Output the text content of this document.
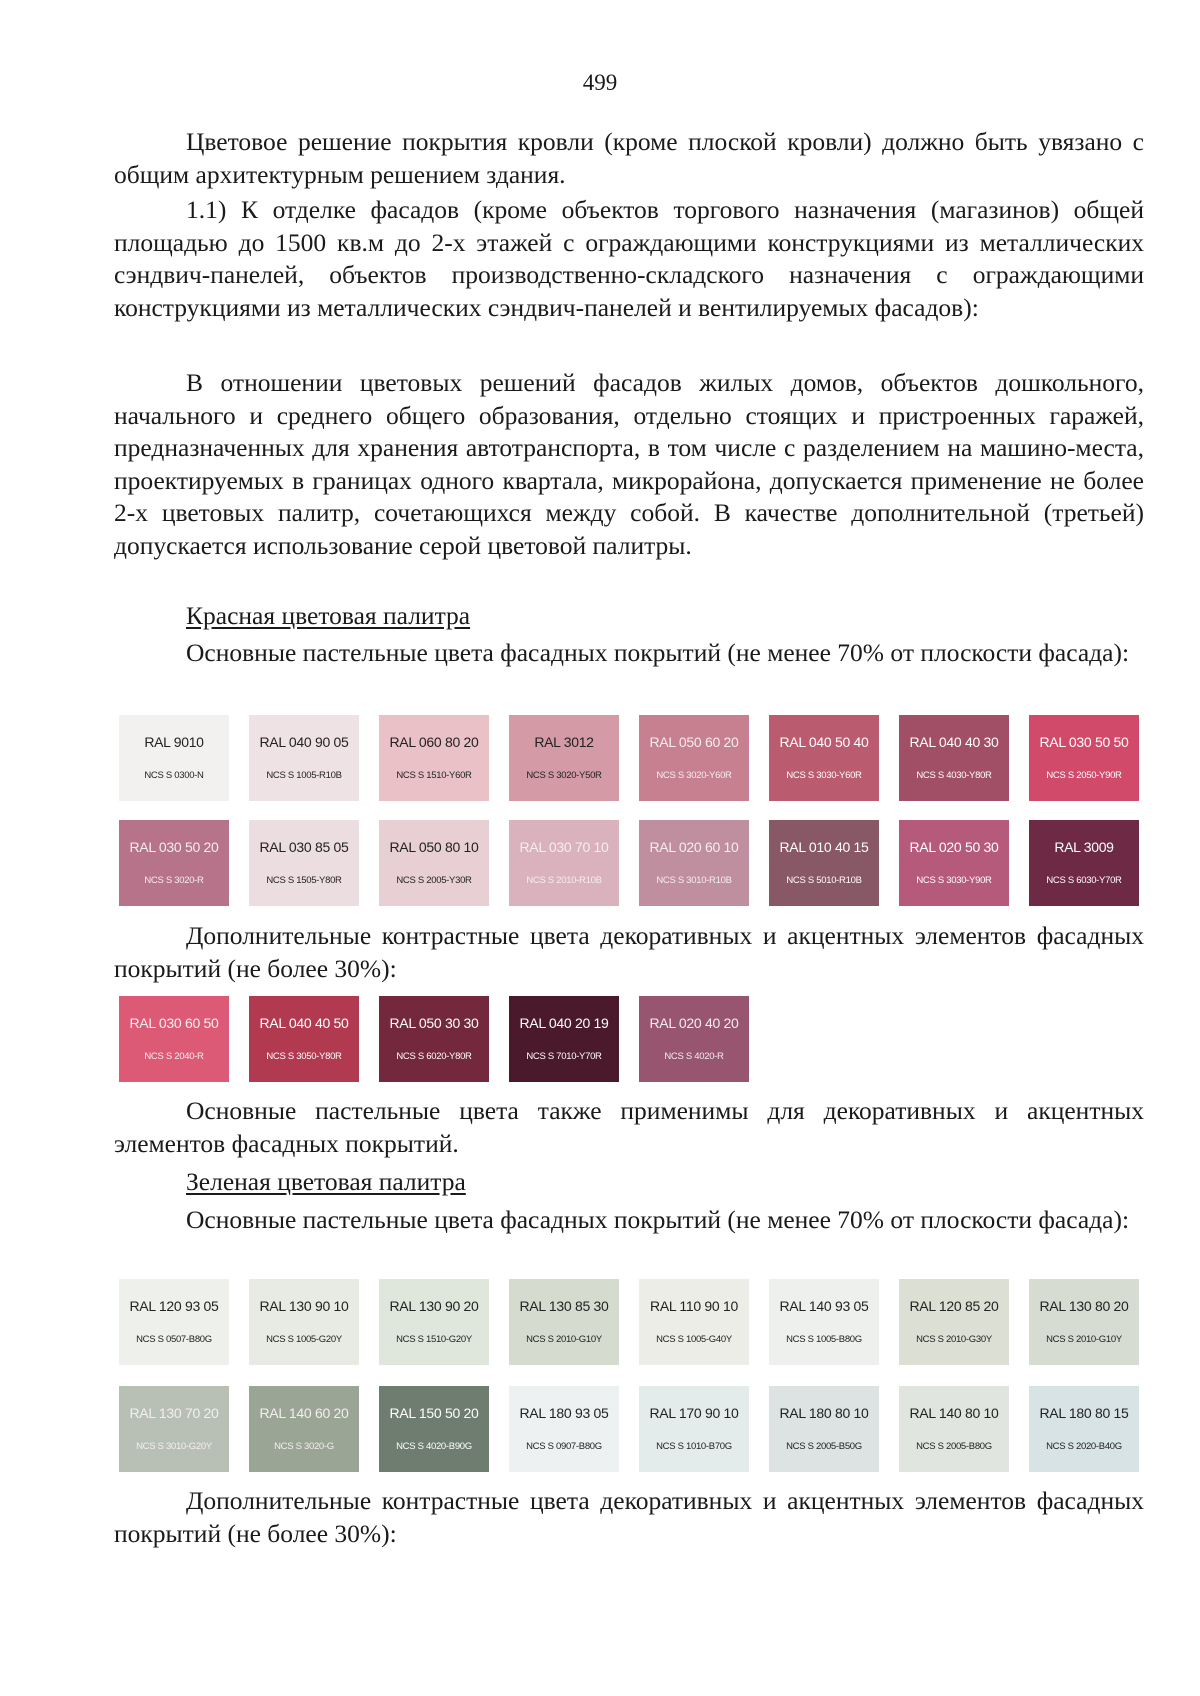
499

Цветовое решение покрытия кровли (кроме плоской кровли) должно быть увязано с общим архитектурным решением здания.

1.1) К отделке фасадов (кроме объектов торгового назначения (магазинов) общей площадью до 1500 кв.м до 2-х этажей с ограждающими конструкциями из металлических сэндвич-панелей, объектов производственно-складского назначения с ограждающими конструкциями из металлических сэндвич-панелей и вентилируемых фасадов):

В отношении цветовых решений фасадов жилых домов, объектов дошкольного, начального и среднего общего образования, отдельно стоящих и пристроенных гаражей, предназначенных для хранения автотранспорта, в том числе с разделением на машино-места, проектируемых в границах одного квартала, микрорайона, допускается применение не более 2-х цветовых палитр, сочетающихся между собой. В качестве дополнительной (третьей) допускается использование серой цветовой палитры.

Красная цветовая палитра

Основные пастельные цвета фасадных покрытий (не менее 70% от плоскости фасада):

RAL 9010
NCS S 0300-N
RAL 040 90 05
NCS S 1005-R10B
RAL 060 80 20
NCS S 1510-Y60R
RAL 3012
NCS S 3020-Y50R
RAL 050 60 20
NCS S 3020-Y60R
RAL 040 50 40
NCS S 3030-Y60R
RAL 040 40 30
NCS S 4030-Y80R
RAL 030 50 50
NCS S 2050-Y90R
RAL 030 50 20
NCS S 3020-R
RAL 030 85 05
NCS S 1505-Y80R
RAL 050 80 10
NCS S 2005-Y30R
RAL 030 70 10
NCS S 2010-R10B
RAL 020 60 10
NCS S 3010-R10B
RAL 010 40 15
NCS S 5010-R10B
RAL 020 50 30
NCS S 3030-Y90R
RAL 3009
NCS S 6030-Y70R

Дополнительные контрастные цвета декоративных и акцентных элементов фасадных покрытий (не более 30%):

RAL 030 60 50
NCS S 2040-R
RAL 040 40 50
NCS S 3050-Y80R
RAL 050 30 30
NCS S 6020-Y80R
RAL 040 20 19
NCS S 7010-Y70R
RAL 020 40 20
NCS S 4020-R

Основные пастельные цвета также применимы для декоративных и акцентных элементов фасадных покрытий.

Зеленая цветовая палитра

Основные пастельные цвета фасадных покрытий (не менее 70% от плоскости фасада):

RAL 120 93 05
NCS S 0507-B80G
RAL 130 90 10
NCS S 1005-G20Y
RAL 130 90 20
NCS S 1510-G20Y
RAL 130 85 30
NCS S 2010-G10Y
RAL 110 90 10
NCS S 1005-G40Y
RAL 140 93 05
NCS S 1005-B80G
RAL 120 85 20
NCS S 2010-G30Y
RAL 130 80 20
NCS S 2010-G10Y
RAL 130 70 20
NCS S 3010-G20Y
RAL 140 60 20
NCS S 3020-G
RAL 150 50 20
NCS S 4020-B90G
RAL 180 93 05
NCS S 0907-B80G
RAL 170 90 10
NCS S 1010-B70G
RAL 180 80 10
NCS S 2005-B50G
RAL 140 80 10
NCS S 2005-B80G
RAL 180 80 15
NCS S 2020-B40G

Дополнительные контрастные цвета декоративных и акцентных элементов фасадных покрытий (не более 30%):
